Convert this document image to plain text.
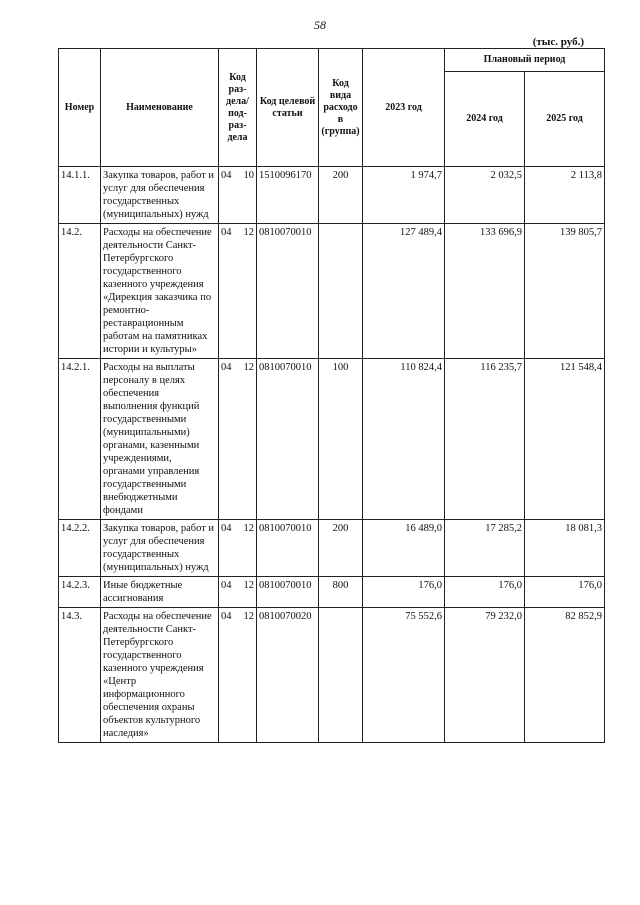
58
(тыс. руб.)
Номер	Наименование	Код раз- дела/ под- раз- дела	Код целевой статьи	Код вида расходов (группа)	2023 год	Плановый период	
						2024 год	2025 год
14.1.1.	Закупка товаров, работ и услуг для обеспечения государственных (муниципальных) нужд	04 10	1510096170	200	1 974,7	2 032,5	2 113,8
14.2.	Расходы на обеспечение деятельности Санкт-Петербургского государственного казенного учреждения «Дирекция заказчика по ремонтно-реставрационным работам на памятниках истории и культуры»	04 12	0810070010		127 489,4	133 696,9	139 805,7
14.2.1.	Расходы на выплаты персоналу в целях обеспечения выполнения функций государственными (муниципальными) органами, казенными учреждениями, органами управления государственными внебюджетными фондами	04 12	0810070010	100	110 824,4	116 235,7	121 548,4
14.2.2.	Закупка товаров, работ и услуг для обеспечения государственных (муниципальных) нужд	04 12	0810070010	200	16 489,0	17 285,2	18 081,3
14.2.3.	Иные бюджетные ассигнования	04 12	0810070010	800	176,0	176,0	176,0
14.3.	Расходы на обеспечение деятельности Санкт-Петербургского государственного казенного учреждения «Центр информационного обеспечения охраны объектов культурного наследия»	04 12	0810070020		75 552,6	79 232,0	82 852,9
